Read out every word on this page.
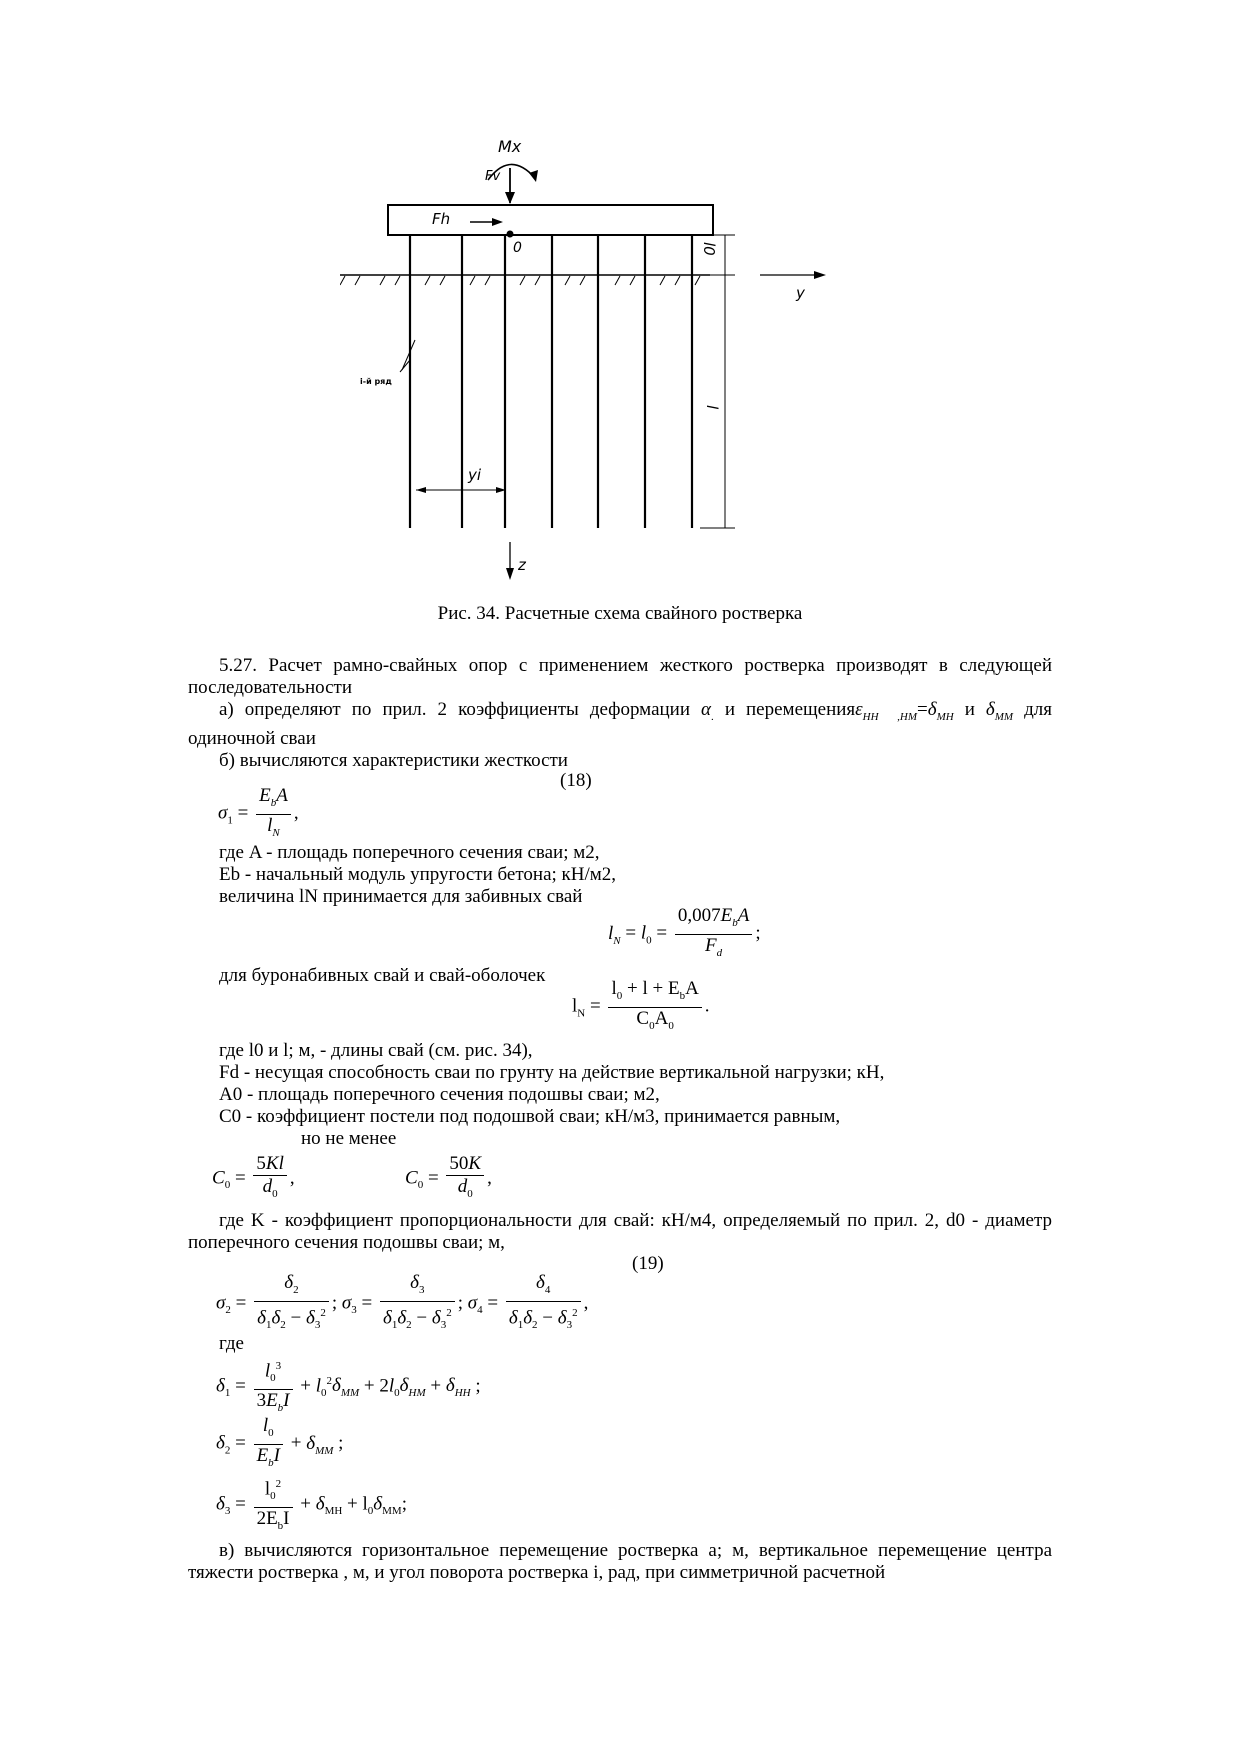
Mx
Fv
Fh
0	l0
l
y
z
yi
i-й ряд
Рис. 34. Расчетные схема свайного ростверка

5.27. Расчет рамно-свайных опор с применением жесткого ростверка производят в следующей последовательности

а) определяют по прил. 2 коэффициенты деформации $\alpha_.$ и перемещенияε$_{НН}$  $_{,НМ}=\delta_{МН}$ и $\delta_{ММ}$ для одиночной сваи

б) вычисляются характеристики жесткости

(18)
$\sigma_1 = \frac{E_bA}{l_N}$ ,
где A - площадь поперечного сечения сваи; м2,
Eb - начальный модуль упругости бетона; кН/м2,
величина lN принимается для забивных свай
$l_N = l_0 = \frac{0,007E_bA}{F_d}$ ;
для буронабивных свай и свай-оболочек
$l_N = \frac{l_0 + l + E_bA}{C_0A_0}$ .
где l0 и l; м, - длины свай (см. рис. 34),
Fd - несущая способность сваи по грунту на действие вертикальной нагрузки; кН,
A0 - площадь поперечного сечения подошвы сваи; м2,
C0 - коэффициент постели под подошвой сваи; кН/м3, принимается равным,
но не менее
$C_0 = \frac{5Kl}{d_0}$ ,	$C_0 = \frac{50K}{d_0}$ ,

где K - коэффициент пропорциональности для свай: кН/м4, определяемый по прил. 2, d0 - диаметр поперечного сечения подошвы сваи; м,

(19)
$\sigma_2 = \frac{\delta_2}{\delta_1\delta_2 - \delta_3^2}$ ; $\sigma_3 = \frac{\delta_3}{\delta_1\delta_2 - \delta_3^2}$ ; $\sigma_4 = \frac{\delta_4}{\delta_1\delta_2 - \delta_3^2}$ ,
где
$\delta_1 = \frac{l_0^3}{3E_bI} + l_0^2\delta_{MM} + 2l_0\delta_{HM} + \delta_{HH}$ ;
$\delta_2 = \frac{l_0}{E_bI} + \delta_{MM}$ ;
$\delta_3 = \frac{l_0^2}{2E_bI} + \delta_{MH} + l_0\delta_{MM}$;

в) вычисляются горизонтальное перемещение ростверка a; м, вертикальное перемещение центра тяжести ростверка , м, и угол поворота ростверка i, рад, при симметричной расчетной
